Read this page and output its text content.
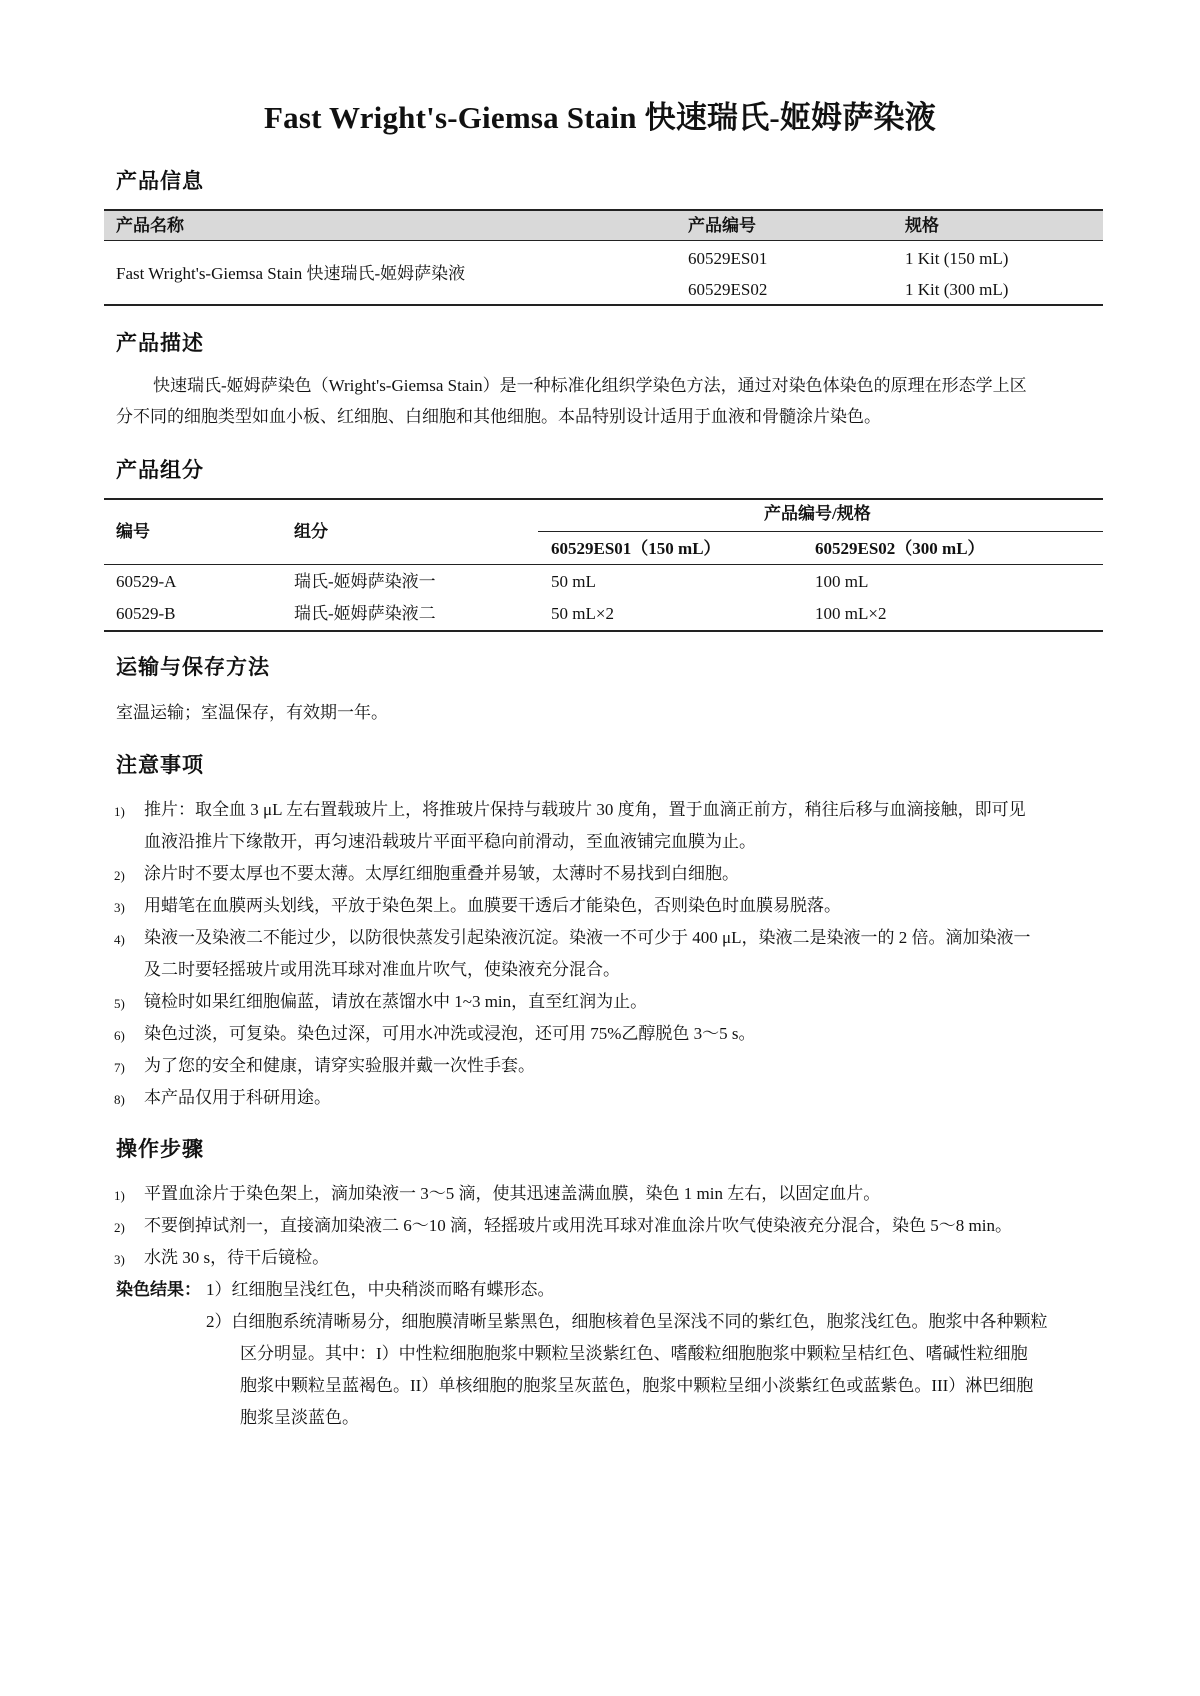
Fast Wright's-Giemsa Stain 快速瑞氏-姬姆萨染液
产品信息
产品名称	产品编号	规格
Fast Wright's-Giemsa Stain 快速瑞氏-姬姆萨染液
60529ES01	1 Kit (150 mL)
60529ES02	1 Kit (300 mL)
产品描述
快速瑞氏-姬姆萨染色（Wright's-Giemsa Stain）是一种标准化组织学染色方法，通过对染色体染色的原理在形态学上区
分不同的细胞类型如血小板、红细胞、白细胞和其他细胞。本品特别设计适用于血液和骨髓涂片染色。
产品组分
编号	组分
产品编号/规格
60529ES01（150 mL）	60529ES02（300 mL）
60529-A	瑞氏-姬姆萨染液一	50 mL	100 mL
60529-B	瑞氏-姬姆萨染液二	50 mL×2	100 mL×2
运输与保存方法
室温运输；室温保存，有效期一年。
注意事项
1) 推片：取全血 3 μL 左右置载玻片上，将推玻片保持与载玻片 30 度角，置于血滴正前方，稍往后移与血滴接触，即可见
血液沿推片下缘散开，再匀速沿载玻片平面平稳向前滑动，至血液铺完血膜为止。
2) 涂片时不要太厚也不要太薄。太厚红细胞重叠并易皱，太薄时不易找到白细胞。
3) 用蜡笔在血膜两头划线，平放于染色架上。血膜要干透后才能染色，否则染色时血膜易脱落。
4) 染液一及染液二不能过少，以防很快蒸发引起染液沉淀。染液一不可少于 400 μL，染液二是染液一的 2 倍。滴加染液一
及二时要轻摇玻片或用洗耳球对准血片吹气，使染液充分混合。
5) 镜检时如果红细胞偏蓝，请放在蒸馏水中 1~3 min，直至红润为止。
6) 染色过淡，可复染。染色过深，可用水冲洗或浸泡，还可用 75%乙醇脱色 3～5 s。
7) 为了您的安全和健康，请穿实验服并戴一次性手套。
8) 本产品仅用于科研用途。
操作步骤
1) 平置血涂片于染色架上，滴加染液一 3～5 滴，使其迅速盖满血膜，染色 1 min 左右，以固定血片。
2) 不要倒掉试剂一，直接滴加染液二 6～10 滴，轻摇玻片或用洗耳球对准血涂片吹气使染液充分混合，染色 5～8 min。
3) 水洗 30 s，待干后镜检。
染色结果： 1）红细胞呈浅红色，中央稍淡而略有蝶形态。
2）白细胞系统清晰易分，细胞膜清晰呈紫黑色，细胞核着色呈深浅不同的紫红色，胞浆浅红色。胞浆中各种颗粒
区分明显。其中：I）中性粒细胞胞浆中颗粒呈淡紫红色、嗜酸粒细胞胞浆中颗粒呈桔红色、嗜碱性粒细胞
胞浆中颗粒呈蓝褐色。II）单核细胞的胞浆呈灰蓝色，胞浆中颗粒呈细小淡紫红色或蓝紫色。III）淋巴细胞
胞浆呈淡蓝色。
